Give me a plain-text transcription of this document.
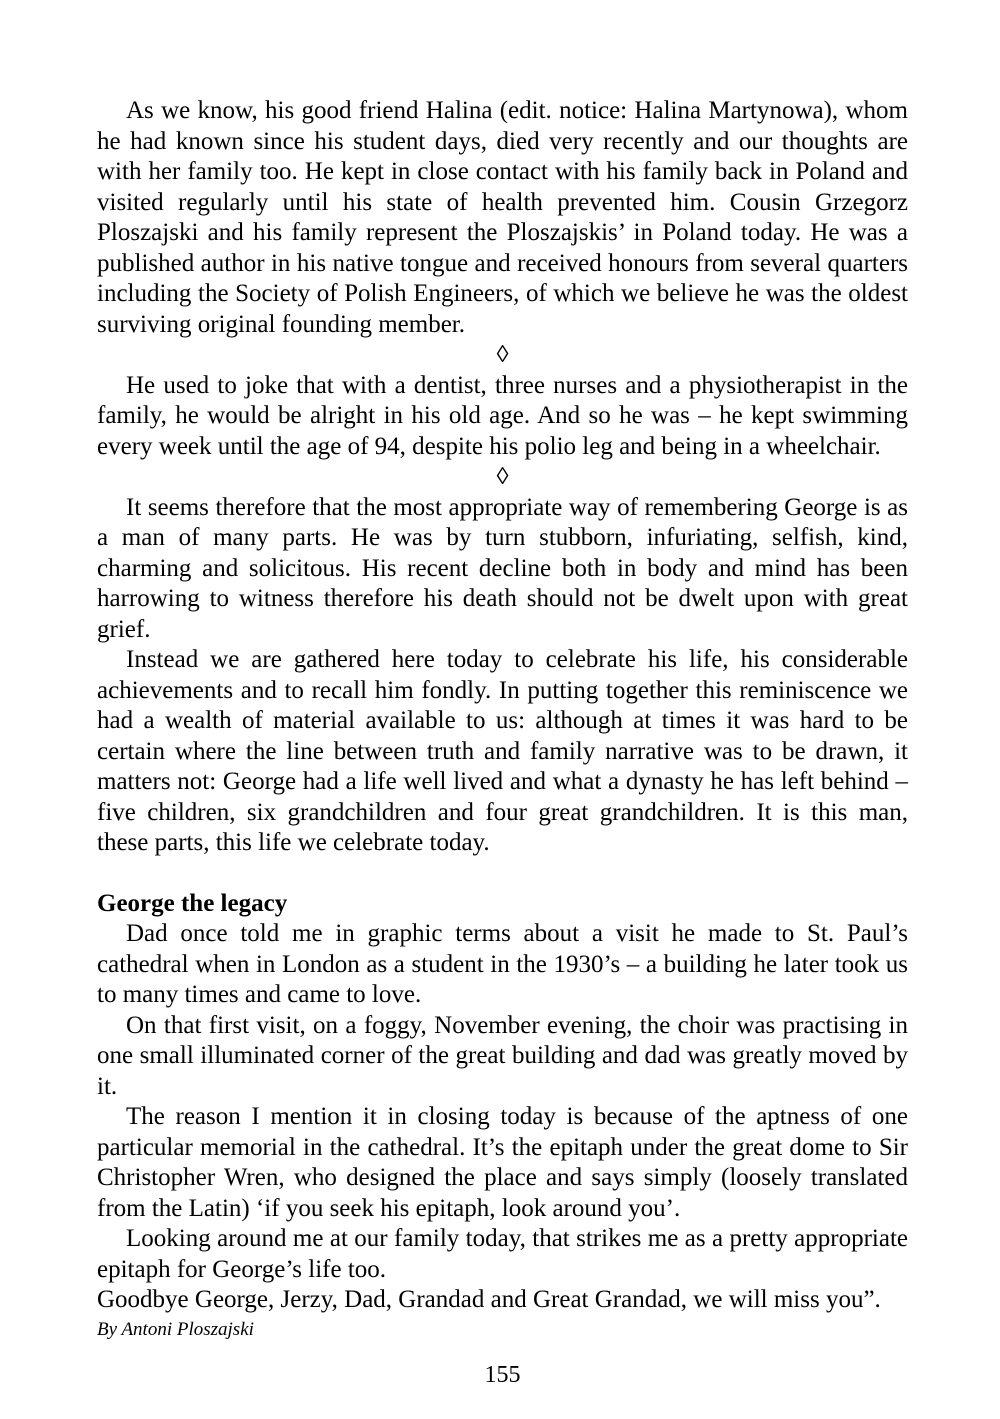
As we know, his good friend Halina (edit. notice: Halina Martynowa), whom he had known since his student days, died very recently and our thoughts are with her family too. He kept in close contact with his family back in Poland and visited regularly until his state of health prevented him. Cousin Grzegorz Ploszajski and his family represent the Ploszajskis’ in Poland today. He was a published author in his native tongue and received honours from several quarters including the Society of Polish Engineers, of which we believe he was the oldest surviving original founding member.

◊

He used to joke that with a dentist, three nurses and a physiotherapist in the family, he would be alright in his old age. And so he was – he kept swimming every week until the age of 94, despite his polio leg and being in a wheelchair.

◊

It seems therefore that the most appropriate way of remembering George is as a man of many parts. He was by turn stubborn, infuriating, selfish, kind, charming and solicitous. His recent decline both in body and mind has been harrowing to witness therefore his death should not be dwelt upon with great grief.

Instead we are gathered here today to celebrate his life, his considerable achievements and to recall him fondly. In putting together this reminiscence we had a wealth of material available to us: although at times it was hard to be certain where the line between truth and family narrative was to be drawn, it matters not: George had a life well lived and what a dynasty he has left behind – five children, six grandchildren and four great grandchildren. It is this man, these parts, this life we celebrate today.

George the legacy

Dad once told me in graphic terms about a visit he made to St. Paul’s cathedral when in London as a student in the 1930’s – a building he later took us to many times and came to love.

On that first visit, on a foggy, November evening, the choir was practising in one small illuminated corner of the great building and dad was greatly moved by it.

The reason I mention it in closing today is because of the aptness of one particular memorial in the cathedral. It’s the epitaph under the great dome to Sir Christopher Wren, who designed the place and says simply (loosely translated from the Latin) ‘if you seek his epitaph, look around you’.

Looking around me at our family today, that strikes me as a pretty appropriate epitaph for George’s life too.

Goodbye George, Jerzy, Dad, Grandad and Great Grandad, we will miss you”.

By Antoni Ploszajski

155
